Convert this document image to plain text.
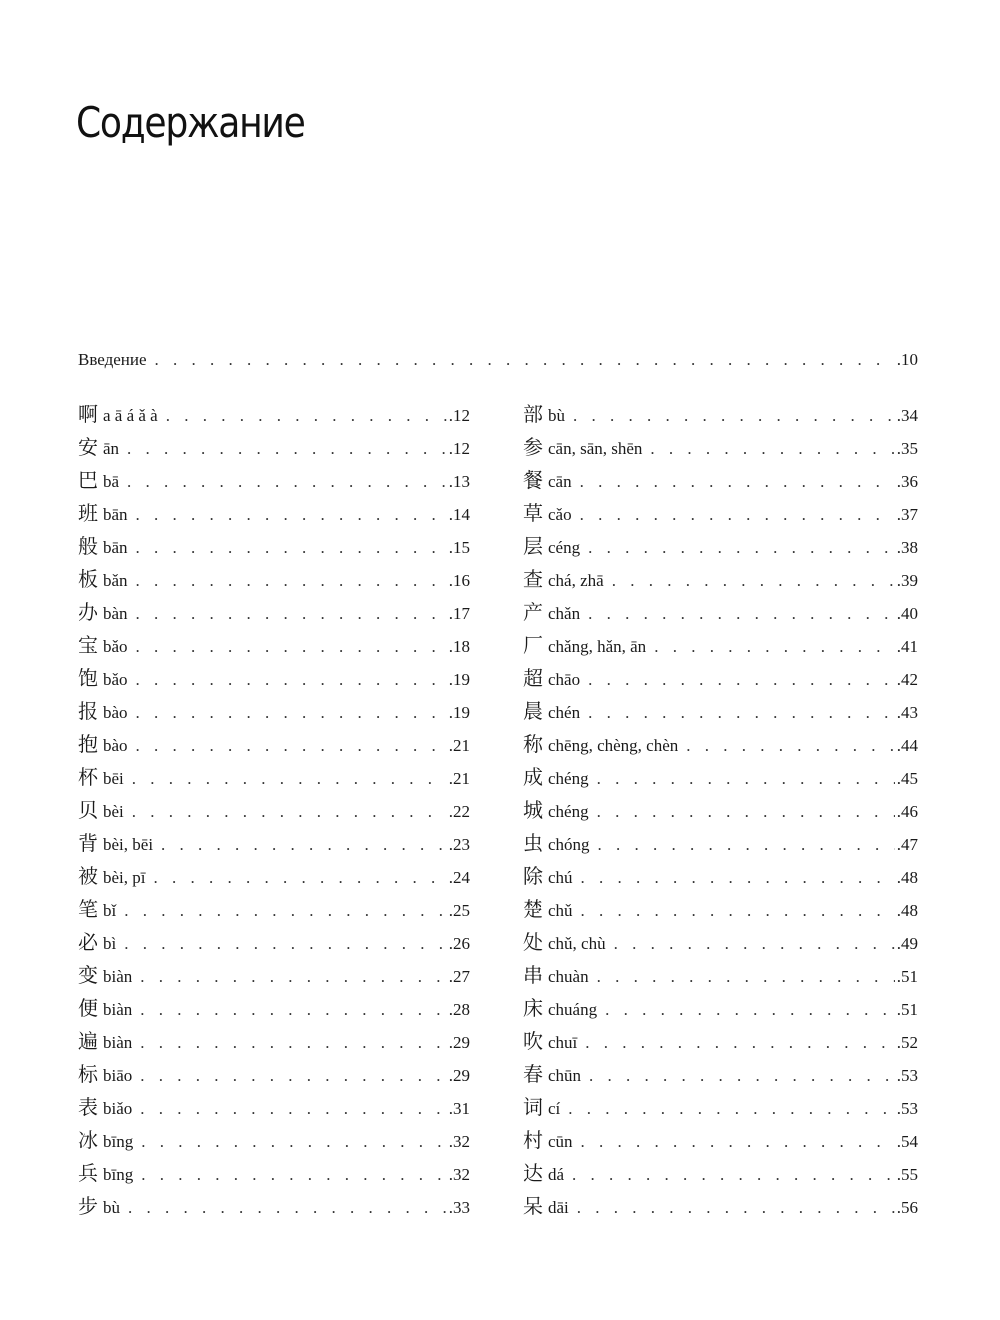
Содержание
Введение . . .	.10
啊 a ā á ǎ à . . .	.12
安 ān . . .	.12
巴 bā . . .	.13
班 bān . . .	.14
般 bān . . .	.15
板 bǎn . . .	.16
办 bàn . . .	.17
宝 bǎo . . .	.18
饱 bǎo . . .	.19
报 bào . . .	.19
抱 bào . . .	.21
杯 bēi . . .	.21
贝 bèi . . .	.22
背 bèi, bēi . . .	.23
被 bèi, pī . . .	.24
笔 bǐ . . .	.25
必 bì . . .	.26
变 biàn . . .	.27
便 biàn . . .	.28
遍 biàn . . .	.29
标 biāo . . .	.29
表 biǎo . . .	.31
冰 bīng . . .	.32
兵 bīng . . .	.32
步 bù . . .	.33
部 bù . . .	.34
参 cān, sān, shēn . . .	.35
餐 cān . . .	.36
草 cǎo . . .	.37
层 céng . . .	.38
查 chá, zhā . . .	.39
产 chǎn . . .	.40
厂 chǎng, hǎn, ān . . .	.41
超 chāo . . .	.42
晨 chén . . .	.43
称 chēng, chèng, chèn . . .	.44
成 chéng . . .	.45
城 chéng . . .	.46
虫 chóng . . .	.47
除 chú . . .	.48
楚 chǔ . . .	.48
处 chǔ, chù . . .	.49
串 chuàn . . .	.51
床 chuáng . . .	.51
吹 chuī . . .	.52
春 chūn . . .	.53
词 cí . . .	.53
村 cūn . . .	.54
达 dá . . .	.55
呆 dāi . . .	.56
